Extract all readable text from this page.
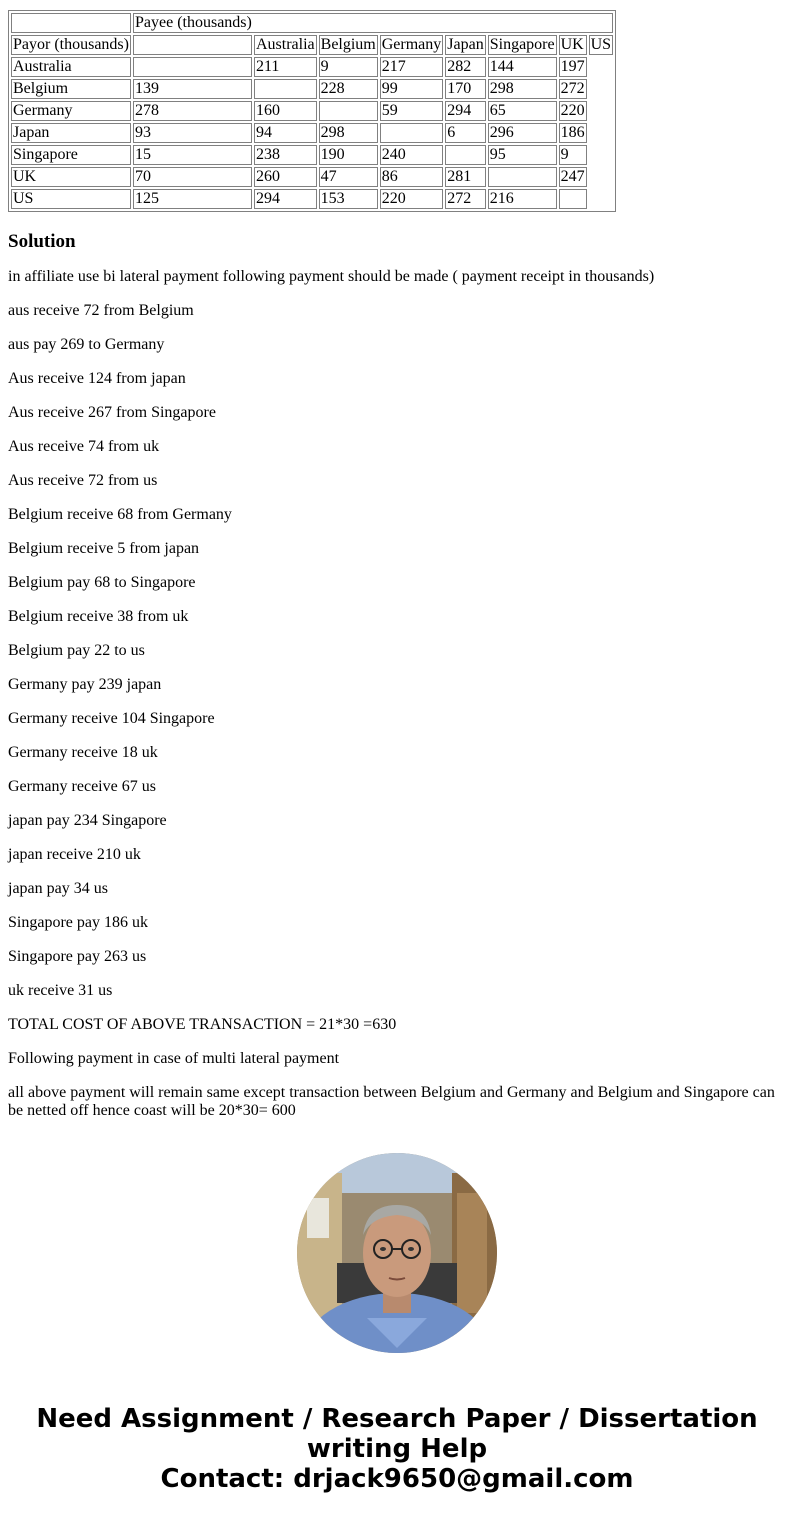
	Payee (thousands)							
Payor (thousands)		Australia	Belgium	Germany	Japan	Singapore	UK	US
Australia		211	9	217	282	144	197	
Belgium	139		228	99	170	298	272	
Germany	278	160		59	294	65	220	
Japan	93	94	298		6	296	186	
Singapore	15	238	190	240		95	9	
UK	70	260	47	86	281		247	
US	125	294	153	220	272	216		
Solution

in affiliate use bi lateral payment following payment should be made ( payment receipt in thousands)

aus receive 72 from Belgium

aus pay 269 to Germany

Aus receive 124 from japan

Aus receive 267 from Singapore

Aus receive 74 from uk

Aus receive 72 from us

Belgium receive 68 from Germany

Belgium receive 5 from japan

Belgium pay 68 to Singapore

Belgium receive 38 from uk

Belgium pay 22 to us

Germany pay 239 japan

Germany receive 104 Singapore

Germany receive 18 uk

Germany receive 67 us

japan pay 234 Singapore

japan receive 210 uk

japan pay 34 us

Singapore pay 186 uk

Singapore pay 263 us

uk receive 31 us

TOTAL COST OF ABOVE TRANSACTION = 21*30 =630

Following payment in case of multi lateral payment

all above payment will remain same except transaction between Belgium and Germany and Belgium and Singapore can be netted off hence coast will be 20*30= 600

Need Assignment / Research Paper / Dissertation
writing Help
Contact: drjack9650@gmail.com
